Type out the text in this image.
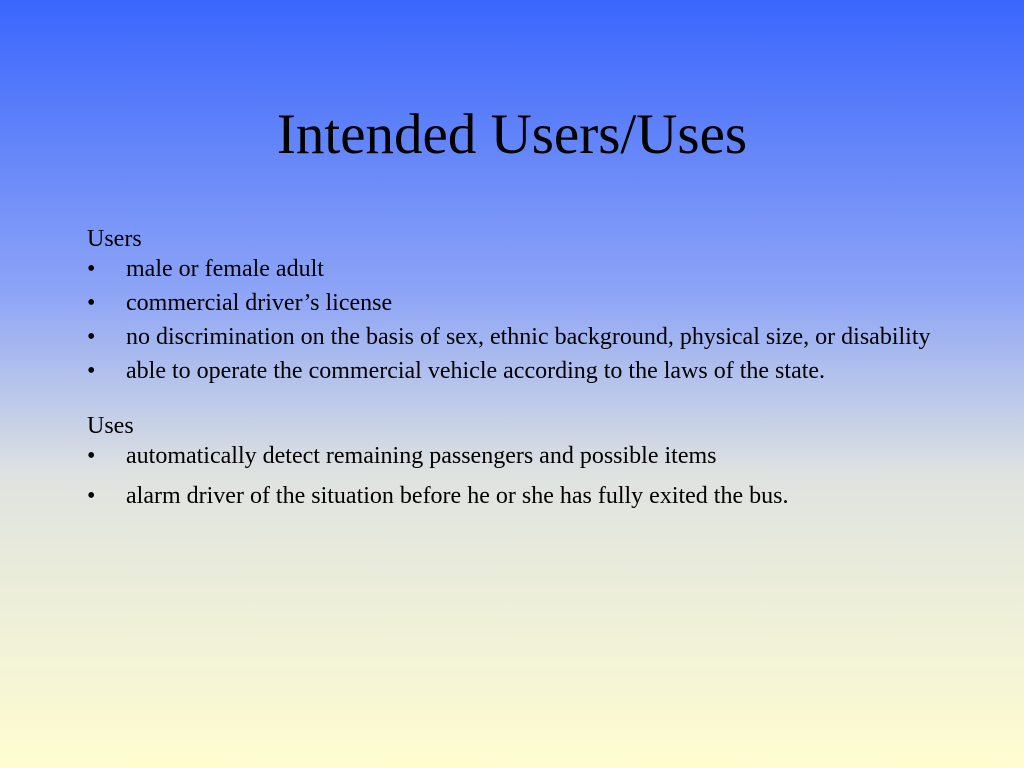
Intended Users/Uses

Users

• male or female adult
• commercial driver’s license
• no discrimination on the basis of sex, ethnic background, physical size, or disability
• able to operate the commercial vehicle according to the laws of the state.

Uses

• automatically detect remaining passengers and possible items
• alarm driver of the situation before he or she has fully exited the bus.
